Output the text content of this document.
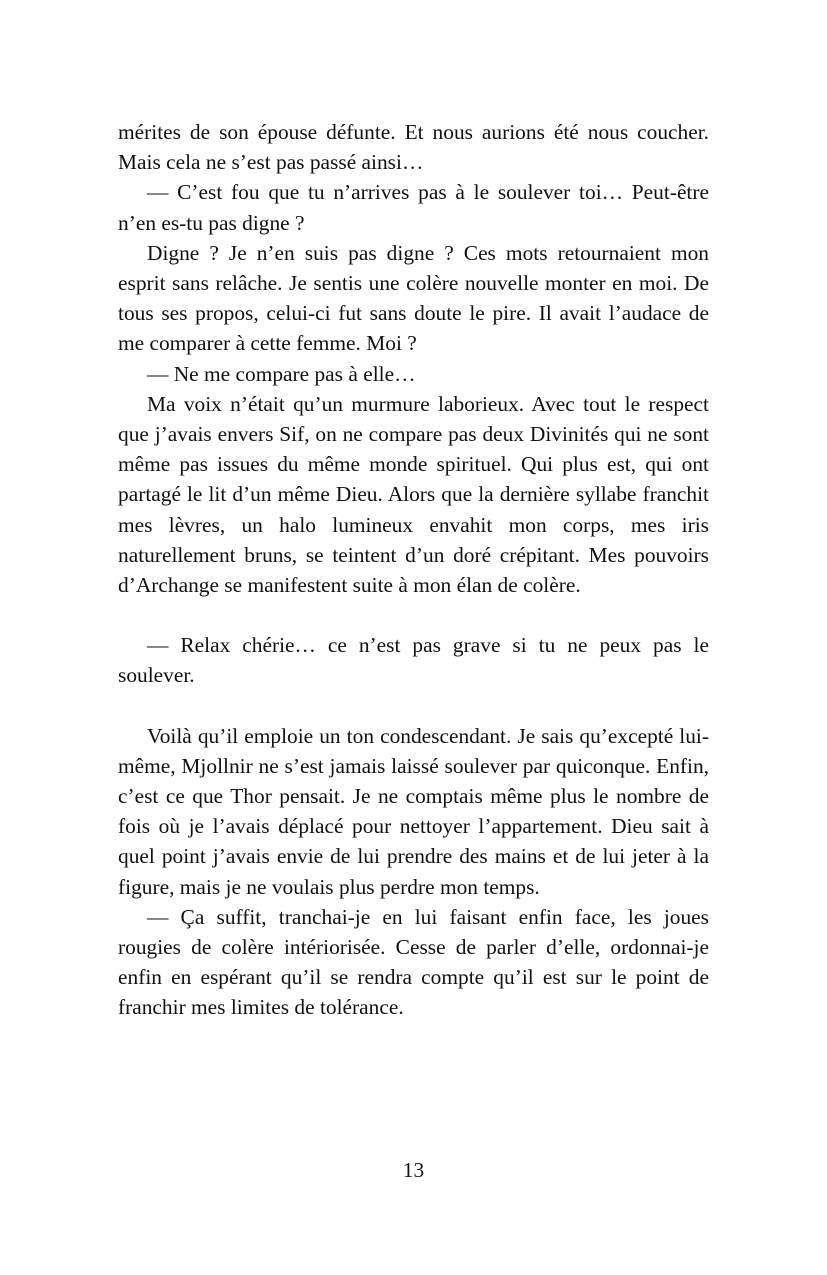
mérites de son épouse défunte. Et nous aurions été nous coucher. Mais cela ne s’est pas passé ainsi…

— C’est fou que tu n’arrives pas à le soulever toi… Peut-être n’en es-tu pas digne ?

Digne ? Je n’en suis pas digne ? Ces mots retournaient mon esprit sans relâche. Je sentis une colère nouvelle monter en moi. De tous ses propos, celui-ci fut sans doute le pire. Il avait l’audace de me comparer à cette femme. Moi ?

— Ne me compare pas à elle…

Ma voix n’était qu’un murmure laborieux. Avec tout le respect que j’avais envers Sif, on ne compare pas deux Divinités qui ne sont même pas issues du même monde spirituel. Qui plus est, qui ont partagé le lit d’un même Dieu. Alors que la dernière syllabe franchit mes lèvres, un halo lumineux envahit mon corps, mes iris naturellement bruns, se teintent d’un doré crépitant. Mes pouvoirs d’Archange se manifestent suite à mon élan de colère.

— Relax chérie… ce n’est pas grave si tu ne peux pas le soulever.

Voilà qu’il emploie un ton condescendant. Je sais qu’excepté lui-même, Mjollnir ne s’est jamais laissé soulever par quiconque. Enfin, c’est ce que Thor pensait. Je ne comptais même plus le nombre de fois où je l’avais déplacé pour nettoyer l’appartement. Dieu sait à quel point j’avais envie de lui prendre des mains et de lui jeter à la figure, mais je ne voulais plus perdre mon temps.

— Ça suffit, tranchai-je en lui faisant enfin face, les joues rougies de colère intériorisée. Cesse de parler d’elle, ordonnai-je enfin en espérant qu’il se rendra compte qu’il est sur le point de franchir mes limites de tolérance.

13
